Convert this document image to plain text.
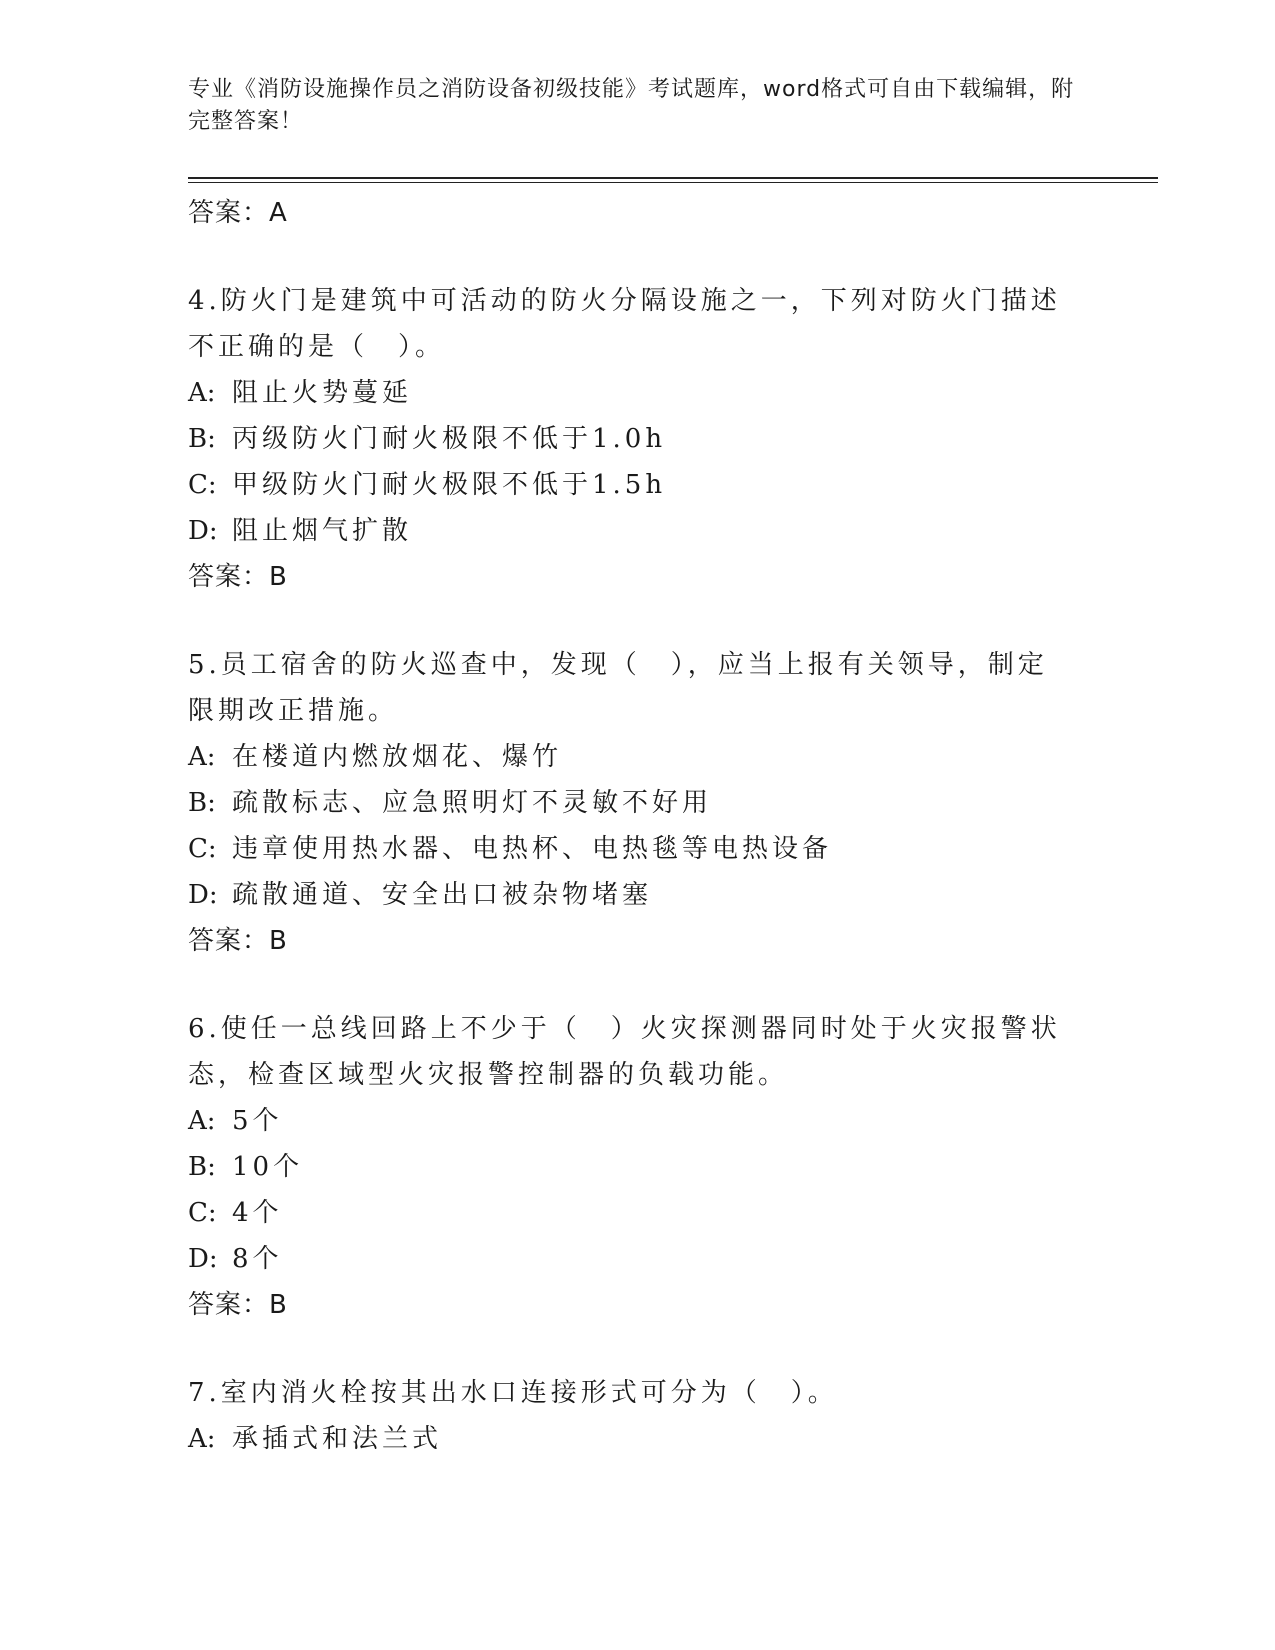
专业《消防设施操作员之消防设备初级技能》考试题库，word格式可自由下载编辑，附完整答案！
答案：A
4.防火门是建筑中可活动的防火分隔设施之一，下列对防火门描述不正确的是（　）。
A: 阻止火势蔓延
B: 丙级防火门耐火极限不低于1.0h
C: 甲级防火门耐火极限不低于1.5h
D: 阻止烟气扩散
答案：B
5.员工宿舍的防火巡查中，发现（　），应当上报有关领导，制定限期改正措施。
A: 在楼道内燃放烟花、爆竹
B: 疏散标志、应急照明灯不灵敏不好用
C: 违章使用热水器、电热杯、电热毯等电热设备
D: 疏散通道、安全出口被杂物堵塞
答案：B
6.使任一总线回路上不少于（　）火灾探测器同时处于火灾报警状态，检查区域型火灾报警控制器的负载功能。
A: 5个
B: 10个
C: 4个
D: 8个
答案：B
7.室内消火栓按其出水口连接形式可分为（　）。
A: 承插式和法兰式
